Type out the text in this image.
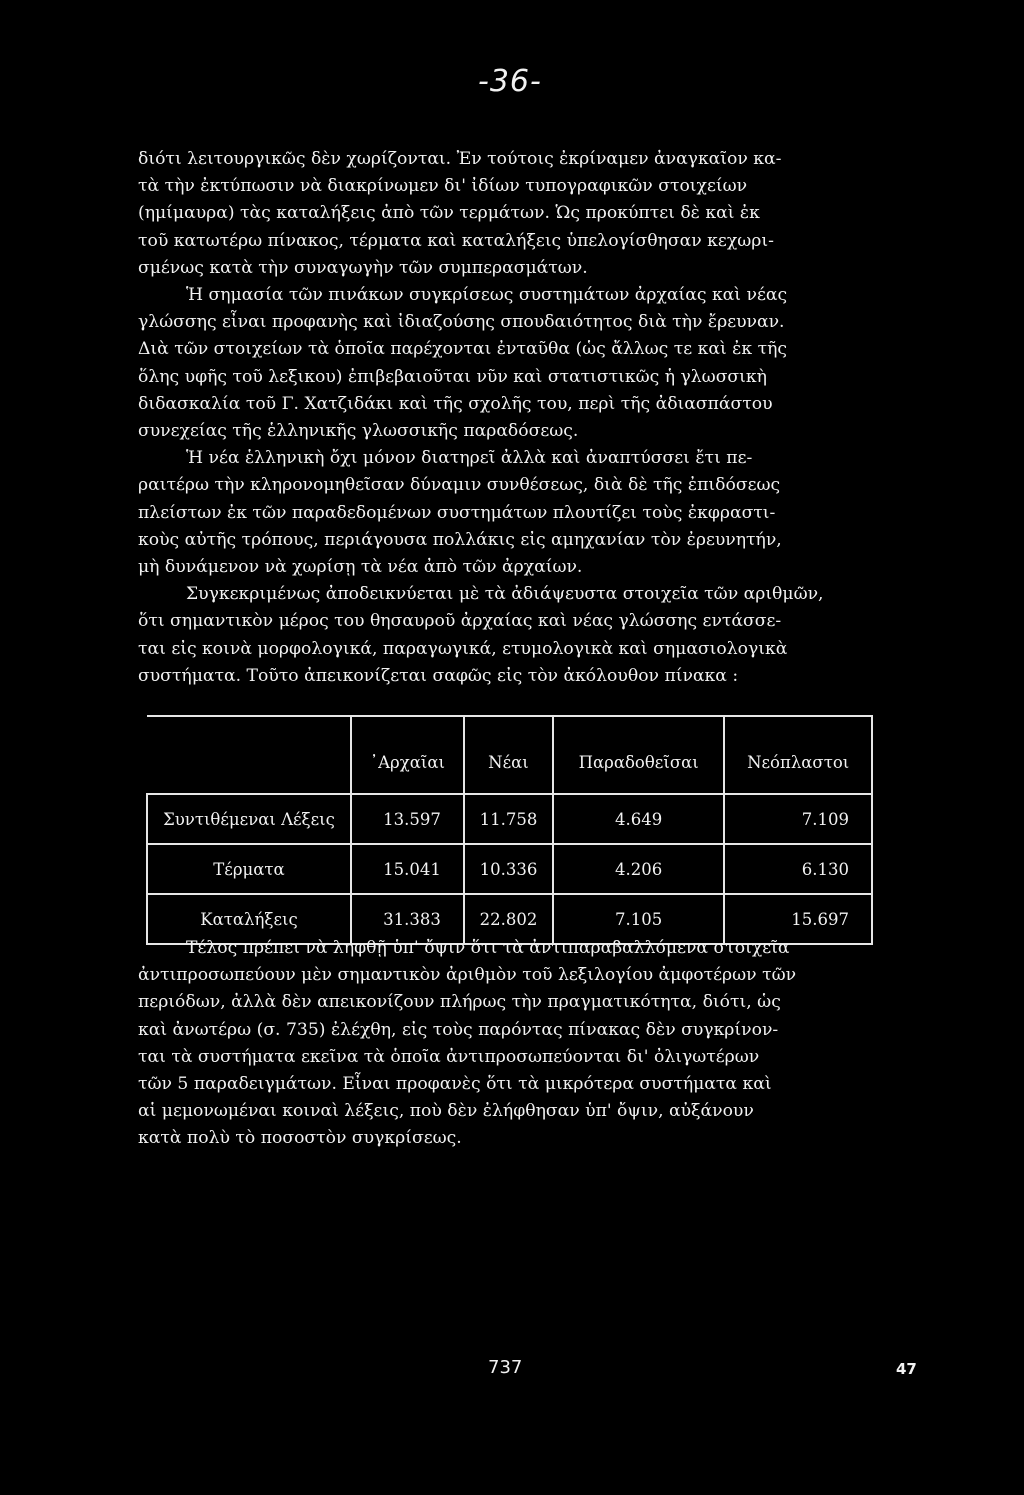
-36-
διότι λειτουργικῶς δὲν χωρίζονται. Ἐν τούτοις ἐκρίναμεν ἀναγκαῖον κα-
τὰ τὴν ἐκτύπωσιν νὰ διακρίνωμεν δι' ἰδίων τυπογραφικῶν στοιχείων
(ημίμαυρα) τὰς καταλήξεις ἀπὸ τῶν τερμάτων. Ὡς προκύπτει δὲ καὶ ἐκ
τοῦ κατωτέρω πίνακος, τέρματα καὶ καταλήξεις ὑπελογίσθησαν κεχωρι-
σμένως κατὰ τὴν συναγωγὴν τῶν συμπερασμάτων.
Ἡ σημασία τῶν πινάκων συγκρίσεως συστημάτων ἀρχαίας καὶ νέας
γλώσσης εἶναι προφανὴς καὶ ἰδιαζούσης σπουδαιότητος διὰ τὴν ἔρευναν.
Διὰ τῶν στοιχείων τὰ ὁποῖα παρέχονται ἐνταῦθα (ὡς ἄλλως τε καὶ ἐκ τῆς
ὅλης υφῆς τοῦ λεξικου) ἐπιβεβαιοῦται νῦν καὶ στατιστικῶς ἡ γλωσσικὴ
διδασκαλία τοῦ Γ. Χατζιδάκι καὶ τῆς σχολῆς του, περὶ τῆς ἀδιασπάστου
συνεχείας τῆς ἑλληνικῆς γλωσσικῆς παραδόσεως.
Ἡ νέα ἑλληνικὴ ὄχι μόνον διατηρεῖ ἀλλὰ καὶ ἀναπτύσσει ἔτι πε-
ραιτέρω τὴν κληρονομηθεῖσαν δύναμιν συνθέσεως, διὰ δὲ τῆς ἐπιδόσεως
πλείστων ἐκ τῶν παραδεδομένων συστημάτων πλουτίζει τοὺς ἐκφραστι-
κοὺς αὐτῆς τρόπους, περιάγουσα πολλάκις εἰς αμηχανίαν τὸν ἐρευνητήν,
μὴ δυνάμενον νὰ χωρίσῃ τὰ νέα ἀπὸ τῶν ἀρχαίων.
Συγκεκριμένως ἀποδεικνύεται μὲ τὰ ἀδιάψευστα στοιχεῖα τῶν αριθμῶν,
ὅτι σημαντικὸν μέρος του θησαυροῦ ἀρχαίας καὶ νέας γλώσσης εντάσσε-
ται εἰς κοινὰ μορφολογικά, παραγωγικά, ετυμολογικὰ καὶ σημασιολογικὰ
συστήματα. Τοῦτο ἀπεικονίζεται σαφῶς εἰς τὸν ἀκόλουθον πίνακα :
	᾿Αρχαῖαι	Νέαι	Παραδοθεῖσαι	Νεόπλαστοι
Συντιθέμεναι Λέξεις	13.597	11.758	4.649	7.109
Τέρματα	15.041	10.336	4.206	6.130
Καταλήξεις	31.383	22.802	7.105	15.697
Τέλος πρέπει νὰ ληφθῇ ὑπ' ὄψιν ὅτι τὰ ἀντιπαραβαλλόμενα στοιχεῖα
ἀντιπροσωπεύουν μὲν σημαντικὸν ἀριθμὸν τοῦ λεξιλογίου ἀμφοτέρων τῶν
περιόδων, ἀλλὰ δὲν απεικονίζουν πλήρως τὴν πραγματικότητα, διότι, ὡς
καὶ ἀνωτέρω (σ. 735) ἐλέχθη, εἰς τοὺς παρόντας πίνακας δὲν συγκρίνον-
ται τὰ συστήματα εκεῖνα τὰ ὁποῖα ἀντιπροσωπεύονται δι' ὀλιγωτέρων
τῶν 5 παραδειγμάτων. Εἶναι προφανὲς ὅτι τὰ μικρότερα συστήματα καὶ
αἱ μεμονωμέναι κοιναὶ λέξεις, ποὺ δὲν ἐλήφθησαν ὑπ' ὄψιν, αὐξάνουν
κατὰ πολὺ τὸ ποσοστὸν συγκρίσεως.
737	47
